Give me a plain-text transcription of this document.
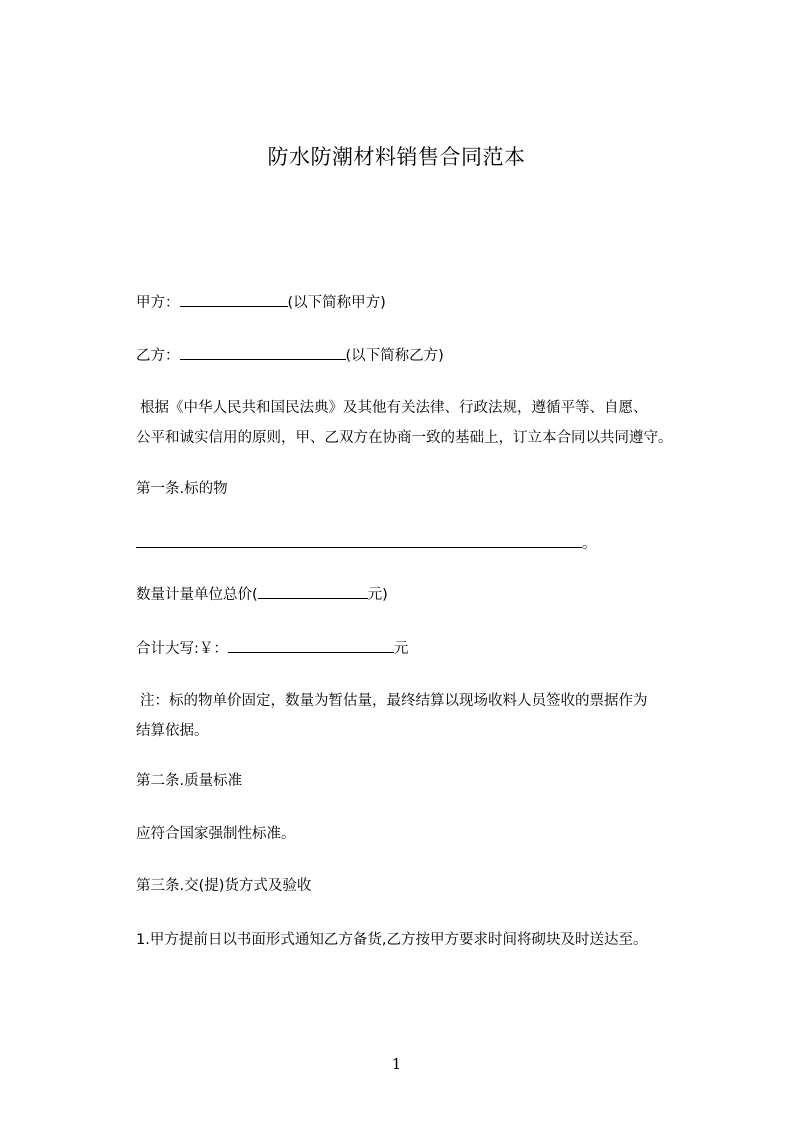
防水防潮材料销售合同范本
甲方：	(以下简称甲方)
乙方：	(以下简称乙方)
根据《中华人民共和国民法典》及其他有关法律、行政法规，遵循平等、自愿、
公平和诚实信用的原则，甲、乙双方在协商一致的基础上，订立本合同以共同遵守。
第一条.标的物
。
数量计量单位总价(	元)
合计大写:￥：	元
注：标的物单价固定，数量为暂估量，最终结算以现场收料人员签收的票据作为
结算依据。
第二条.质量标准
应符合国家强制性标准。
第三条.交(提)货方式及验收
1.甲方提前日以书面形式通知乙方备货,乙方按甲方要求时间将砌块及时送达至。
1
